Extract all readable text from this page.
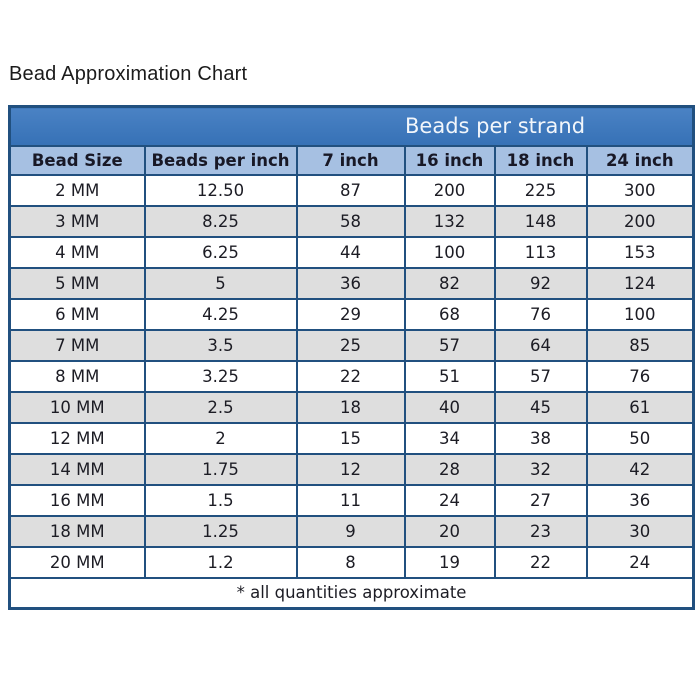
Bead Approximation Chart
Beads per strand					
Bead Size	Beads per inch	7 inch	16 inch	18 inch	24 inch
2 MM	12.50	87	200	225	300
3 MM	8.25	58	132	148	200
4 MM	6.25	44	100	113	153
5 MM	5	36	82	92	124
6 MM	4.25	29	68	76	100
7 MM	3.5	25	57	64	85
8 MM	3.25	22	51	57	76
10 MM	2.5	18	40	45	61
12 MM	2	15	34	38	50
14 MM	1.75	12	28	32	42
16 MM	1.5	11	24	27	36
18 MM	1.25	9	20	23	30
20 MM	1.2	8	19	22	24
* all quantities approximate					
